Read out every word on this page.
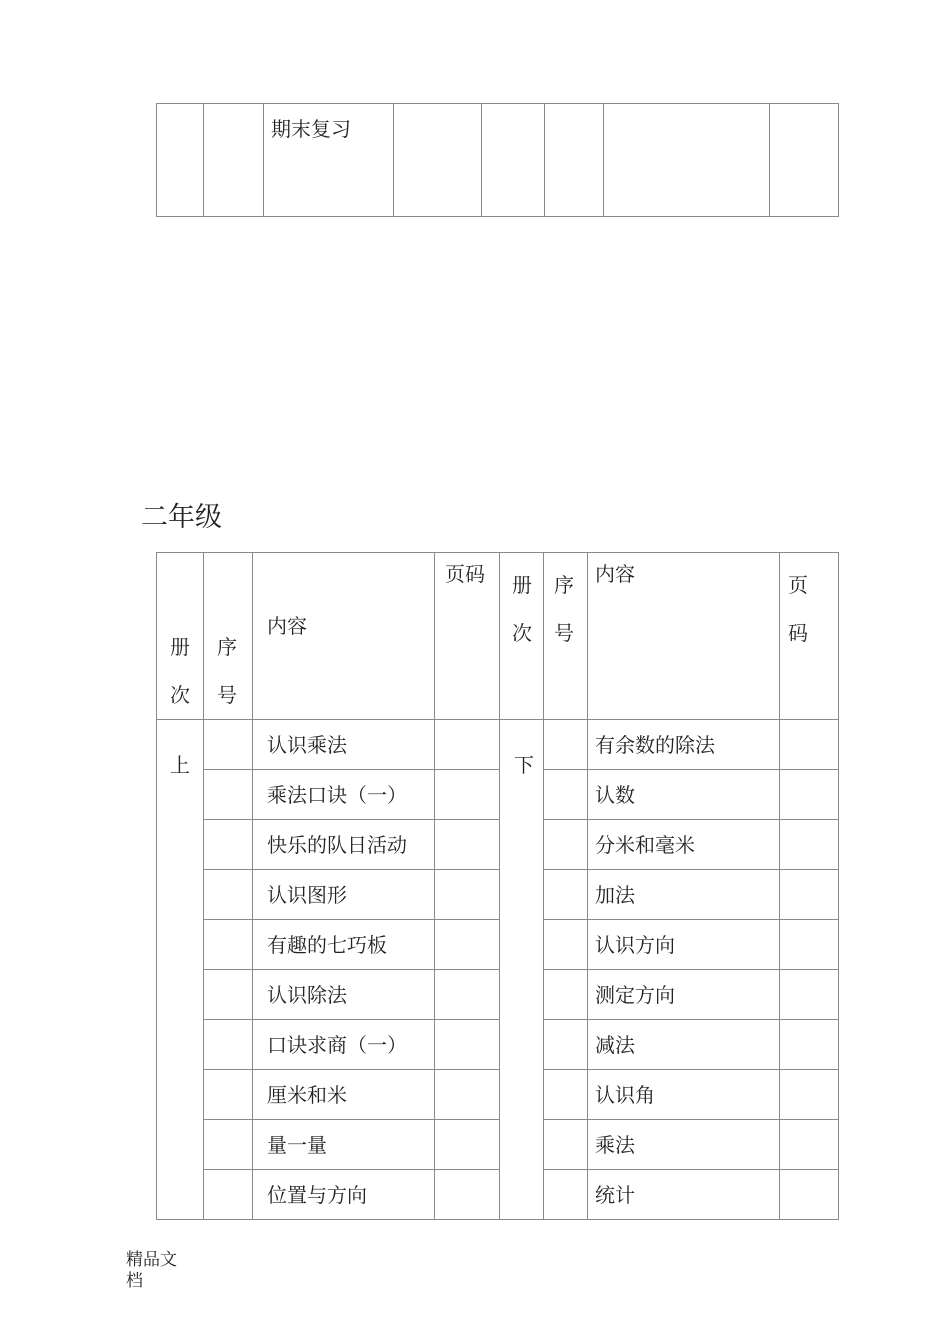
		期末复习					
二年级
册次	序号	内容	页码	册次	序号	内容	页码

上		认识乘法		下		有余数的除法	
		乘法口诀（一）				认数	
		快乐的队日活动				分米和毫米	
		认识图形				加法	
		有趣的七巧板				认识方向	
		认识除法				测定方向	
		口诀求商（一）				减法	
		厘米和米				认识角	
		量一量				乘法	
		位置与方向				统计	
精品文档
